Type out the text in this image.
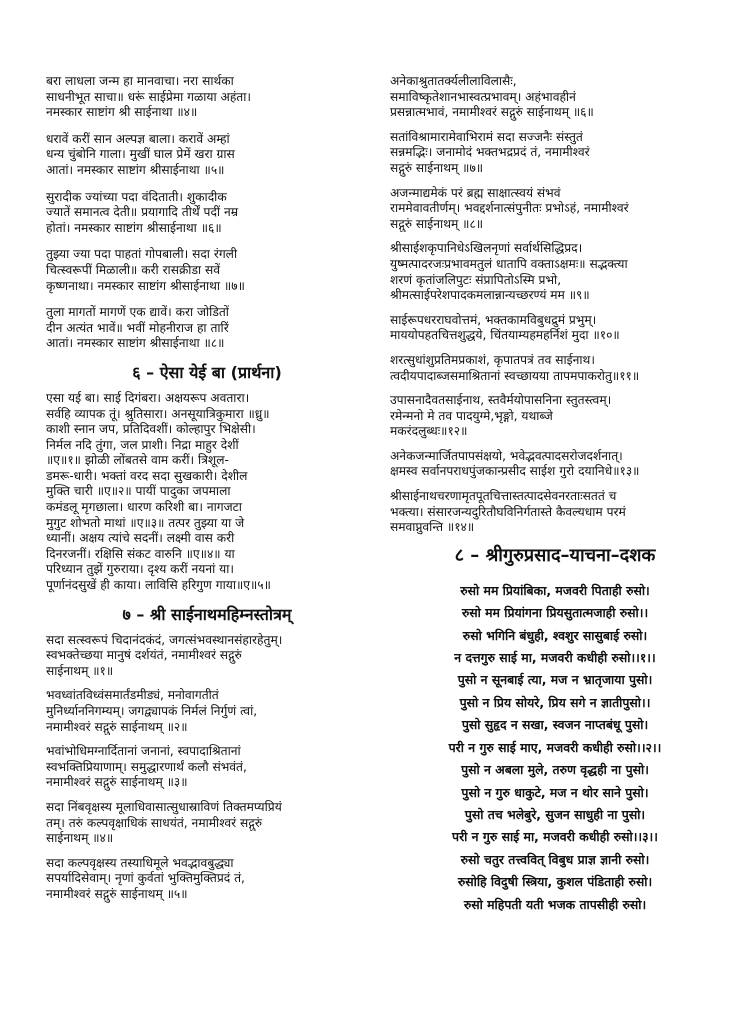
बरा लाधला जन्म हा मानवाचा। नरा सार्थका
साधनीभूत साचा॥ धरूं साईप्रेमा गळाया अहंता।
नमस्कार साष्टांग श्री साईनाथा ॥४॥
धरावें करीं सान अल्पज्ञ बाला। करावें अम्हां
धन्य चुंबोनि गाला। मुखीं घाल प्रेमें खरा ग्रास
आतां। नमस्कार साष्टांग श्रीसाईनाथा ॥५॥
सुरादीक ज्यांच्या पदा वंदिताती। शुकादीक
ज्यातें समानत्व देती॥ प्रयागादि तीर्थें पदीं नम्र
होतां। नमस्कार साष्टांग श्रीसाईनाथा ॥६॥
तुझ्या ज्या पदा पाहतां गोपबाली। सदा रंगली
चित्स्वरूपीं मिळाली॥ करी रासक्रीडा सवें
कृष्णनाथा। नमस्कार साष्टांग श्रीसाईनाथा ॥७॥
तुला मागतों मागणें एक द्यावें। करा जोडितों
दीन अत्यंत भावें॥ भवीं मोहनीराज हा तारिं
आतां। नमस्कार साष्टांग श्रीसाईनाथा ॥८॥
६ – ऐसा येई बा (प्रार्थना)
एसा यई बा। साई दिगंबरा। अक्षयरूप अवतारा।
सर्वहि व्यापक तूं। श्रुतिसारा। अनसूयात्रिकुमारा ॥ध्रु॥
काशी स्नान जप, प्रतिदिवशीं। कोल्हापुर भिक्षेसी।
निर्मल नदि तुंगा, जल प्राशी। निद्रा माहुर देशीं
॥ए॥१॥ झोळी लोंबतसे वाम करीं। त्रिशूल-
डमरू-धारी। भक्तां वरद सदा सुखकारी। देशील
मुक्ति चारी ॥ए॥२॥ पायीं पादुका जपमाला
कमंडलू मृगछाला। धारण करिशी बा। नागजटा
मुगुट शोभतो माथां ॥ए॥३॥ तत्पर तुझ्या या जे
ध्यानीं। अक्षय त्यांचे सदनीं। लक्ष्मी वास करी
दिनरजनीं। रक्षिसि संकट वारुनि ॥ए॥४॥ या
परिध्यान तुझें गुरुराया। दृश्य करीं नयनां या।
पूर्णानंदसुखें ही काया। लाविसि हरिगुण गाया॥ए॥५॥
७ – श्री साईनाथमहिम्नस्तोत्रम्
सदा सत्स्वरूपं चिदानंदकंदं, जगत्संभवस्थानसंहारहेतुम्।
स्वभक्तेच्छया मानुषं दर्शयंतं, नमामीश्वरं सद्गुरुं
साईनाथम् ॥१॥
भवध्वांतविध्वंसमार्तंडमीड्यं, मनोवागतीतं
मुनिर्ध्याननिगम्यम्। जगद्व्यापकं निर्मलं निर्गुणं त्वां,
नमामीश्वरं सद्गुरुं साईनाथम् ॥२॥
भवांभोधिमग्नार्दितानां जनानां, स्वपादाश्रितानां
स्वभक्तिप्रियाणाम्। समुद्धारणार्थं कलौ संभवंतं,
नमामीश्वरं सद्गुरुं साईनाथम् ॥३॥
सदा निंबवृक्षस्य मूलाधिवासात्सुधास्राविणं तिक्तमप्यप्रियं
तम्। तरुं कल्पवृक्षाधिकं साधयंतं, नमामीश्वरं सद्गुरुं
साईनाथम् ॥४॥
सदा कल्पवृक्षस्य तस्याधिमूले भवद्भावबुद्ध्या
सपर्यादिसेवाम्। नृणां कुर्वतां भुक्तिमुक्तिप्रदं तं,
नमामीश्वरं सद्गुरुं साईनाथम् ॥५॥
अनेकाश्रुतातर्क्यलीलाविलासैः,
समाविष्कृतेशानभास्वत्प्रभावम्। अहंभावहीनं
प्रसन्नात्मभावं, नमामीश्वरं सद्गुरुं साईनाथम् ॥६॥
सतांविश्रामारामेवाभिरामं सदा सज्जनैः संस्तुतं
सन्नमद्भिः। जनामोदं भक्तभद्रप्रदं तं, नमामीश्वरं
सद्गुरुं साईनाथम् ॥७॥
अजन्माद्यमेकं परं ब्रह्म साक्षात्स्वयं संभवं
राममेवावतीर्णम्। भवद्दर्शनात्संपुनीतः प्रभोऽहं, नमामीश्वरं
सद्गुरुं साईनाथम् ॥८॥
श्रीसाईशकृपानिधेऽखिलनृणां सर्वार्थसिद्धिप्रद।
युष्मत्पादरजःप्रभावमतुलं धातापि वक्ताऽक्षमः॥ सद्भक्त्या
शरणं कृतांजलिपुटः संप्रापितोऽस्मि प्रभो,
श्रीमत्साईपरेशपादकमलान्नान्यच्छरण्यं मम ॥९॥
साईरूपधरराघवोत्तमं, भक्तकामविबुधद्रुमं प्रभुम्।
माययोपहतचित्तशुद्धये, चिंतयाम्यहमहर्निशं मुदा ॥१०॥
शरत्सुधांशुप्रतिमप्रकाशं, कृपातपत्रं तव साईनाथ।
त्वदीयपादाब्जसमाश्रितानां स्वच्छायया तापमपाकरोतु॥११॥
उपासनादैवतसाईनाथ, स्तवैर्मयोपासनिना स्तुतस्त्वम्।
रमेन्मनो मे तव पादयुग्मे,भृङ्गो, यथाब्जे
मकरंदलुब्धः॥१२॥
अनेकजन्मार्जितपापसंक्षयो, भवेद्भवत्पादसरोजदर्शनात्।
क्षमस्व सर्वानपराधपुंजकान्प्रसीद साईश गुरो दयानिधे॥१३॥
श्रीसाईनाथचरणामृतपूतचित्तास्तत्पादसेवनरताःसततं च
भक्त्या। संसारजन्यदुरितौघविनिर्गतास्ते कैवल्यधाम परमं
समवाप्नुवन्ति ॥१४॥
८ – श्रीगुरुप्रसाद–याचना–दशक
रुसो मम प्रियांबिका, मजवरी पिताही रुसो।
रुसो मम प्रियांगना प्रियसुतात्मजाही रुसो।।
रुसो भगिनि बंधुही, श्वशुर सासुबाई रुसो।
न दत्तगुरु साई मा, मजवरी कधीही रुसो।।१।।
पुसो न सूनबाई त्या, मज न भ्रातृजाया पुसो।
पुसो न प्रिय सोयरे, प्रिय सगे न ज्ञातीपुसो।।
पुसो सुहृद न सखा, स्वजन नाप्तबंधू पुसो।
परी न गुरु साई माए, मजवरी कधीही रुसो।।२।।
पुसो न अबला मुले, तरुण वृद्धही ना पुसो।
पुसो न गुरु धाकुटे, मज न थोर साने पुसो।
पुसो तच भलेबुरे, सुजन साधुही ना पुसो।
परी न गुरु साई मा, मजवरी कधीही रुसो।।३।।
रुसो चतुर तत्त्ववित् विबुध प्राज्ञ ज्ञानी रुसो।
रुसोहि विदुषी स्त्रिया, कुशल पंडिताही रुसो।
रुसो महिपती यती भजक तापसीही रुसो।
